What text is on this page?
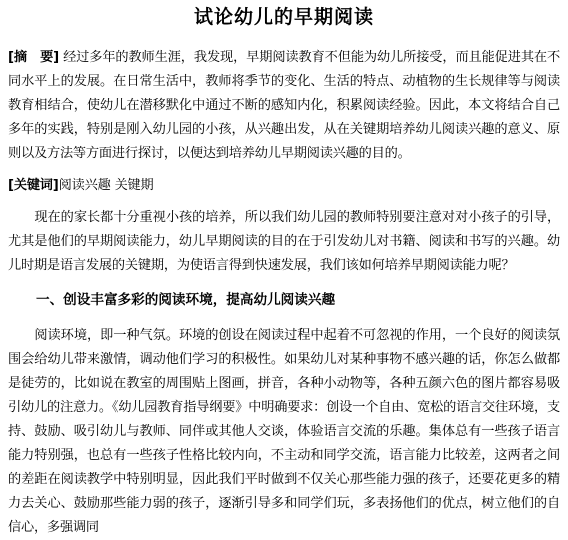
试论幼儿的早期阅读

[摘　要] 经过多年的教师生涯，我发现，早期阅读教育不但能为幼儿所接受，而且能促进其在不同水平上的发展。在日常生活中，教师将季节的变化、生活的特点、动植物的生长规律等与阅读教育相结合，使幼儿在潜移默化中通过不断的感知内化，积累阅读经验。因此，本文将结合自己多年的实践，特别是刚入幼儿园的小孩，从兴趣出发，从在关键期培养幼儿阅读兴趣的意义、原则以及方法等方面进行探讨，以便达到培养幼儿早期阅读兴趣的目的。

[关键词]阅读兴趣 关键期

现在的家长都十分重视小孩的培养，所以我们幼儿园的教师特别要注意对对小孩子的引导，尤其是他们的早期阅读能力，幼儿早期阅读的目的在于引发幼儿对书籍、阅读和书写的兴趣。幼儿时期是语言发展的关键期，为使语言得到快速发展，我们该如何培养早期阅读能力呢？

一、创设丰富多彩的阅读环境，提高幼儿阅读兴趣

阅读环境，即一种气氛。环境的创设在阅读过程中起着不可忽视的作用，一个良好的阅读氛围会给幼儿带来激情，调动他们学习的积极性。如果幼儿对某种事物不感兴趣的话，你怎么做都是徒劳的，比如说在教室的周围贴上图画，拼音，各种小动物等，各种五颜六色的图片都容易吸引幼儿的注意力。《幼儿园教育指导纲要》中明确要求：创设一个自由、宽松的语言交往环境，支持、鼓励、吸引幼儿与教师、同伴或其他人交谈，体验语言交流的乐趣。集体总有一些孩子语言能力特别强，也总有一些孩子性格比较内向，不主动和同学交流，语言能力比较差，这两者之间的差距在阅读教学中特别明显，因此我们平时做到不仅关心那些能力强的孩子，还要花更多的精力去关心、鼓励那些能力弱的孩子，逐渐引导多和同学们玩，多表扬他们的优点，树立他们的自信心，多强调同
